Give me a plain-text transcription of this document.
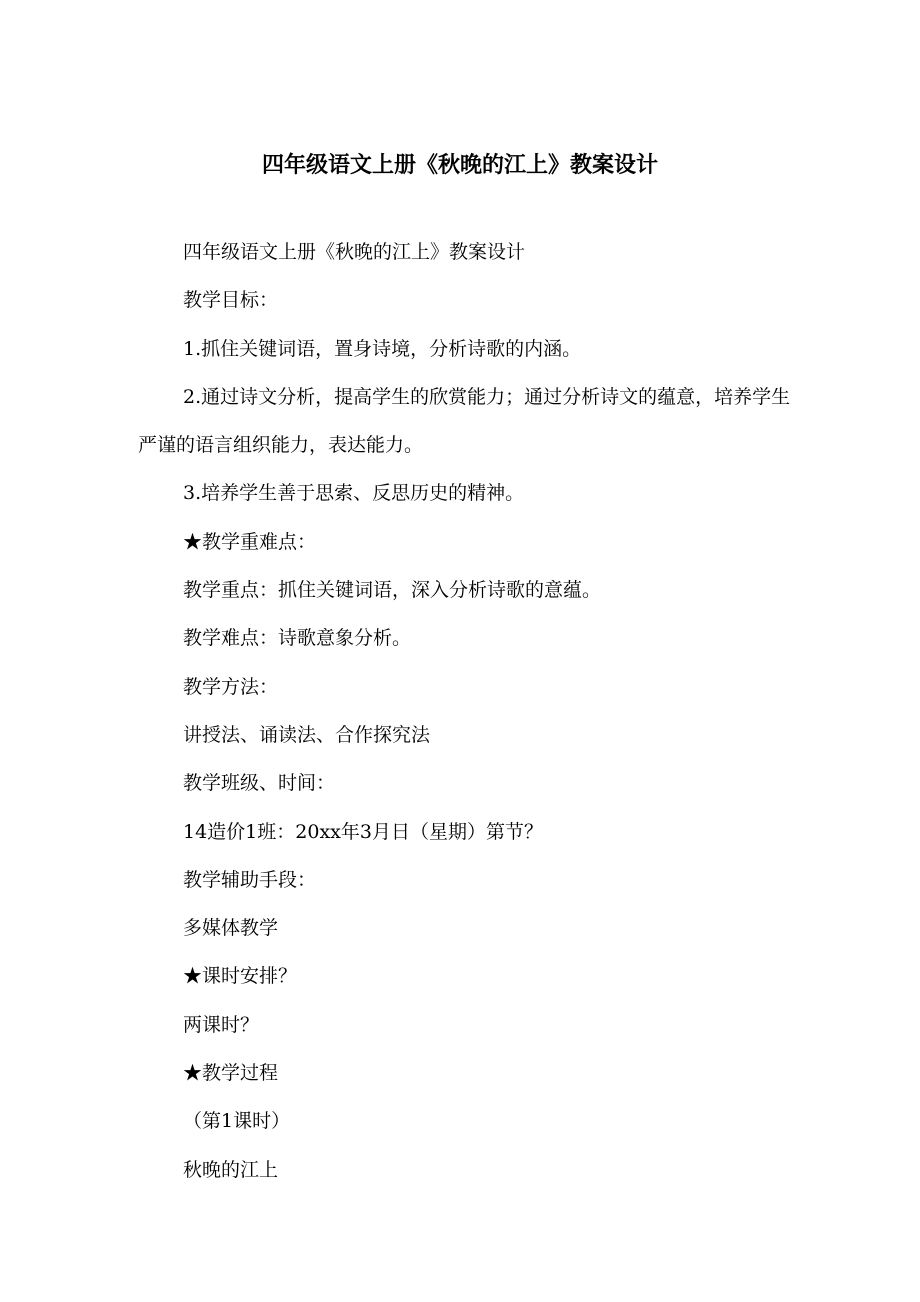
四年级语文上册《秋晚的江上》教案设计

四年级语文上册《秋晚的江上》教案设计

教学目标：

1.抓住关键词语，置身诗境，分析诗歌的内涵。

2.通过诗文分析，提高学生的欣赏能力；通过分析诗文的蕴意，培养学生严谨的语言组织能力，表达能力。

3.培养学生善于思索、反思历史的精神。

★教学重难点：

教学重点：抓住关键词语，深入分析诗歌的意蕴。

教学难点：诗歌意象分析。

教学方法：

讲授法、诵读法、合作探究法

教学班级、时间：

14造价1班：20xx年3月日（星期）第节？

教学辅助手段：

多媒体教学

★课时安排？

两课时？

★教学过程

（第1课时）

秋晚的江上
